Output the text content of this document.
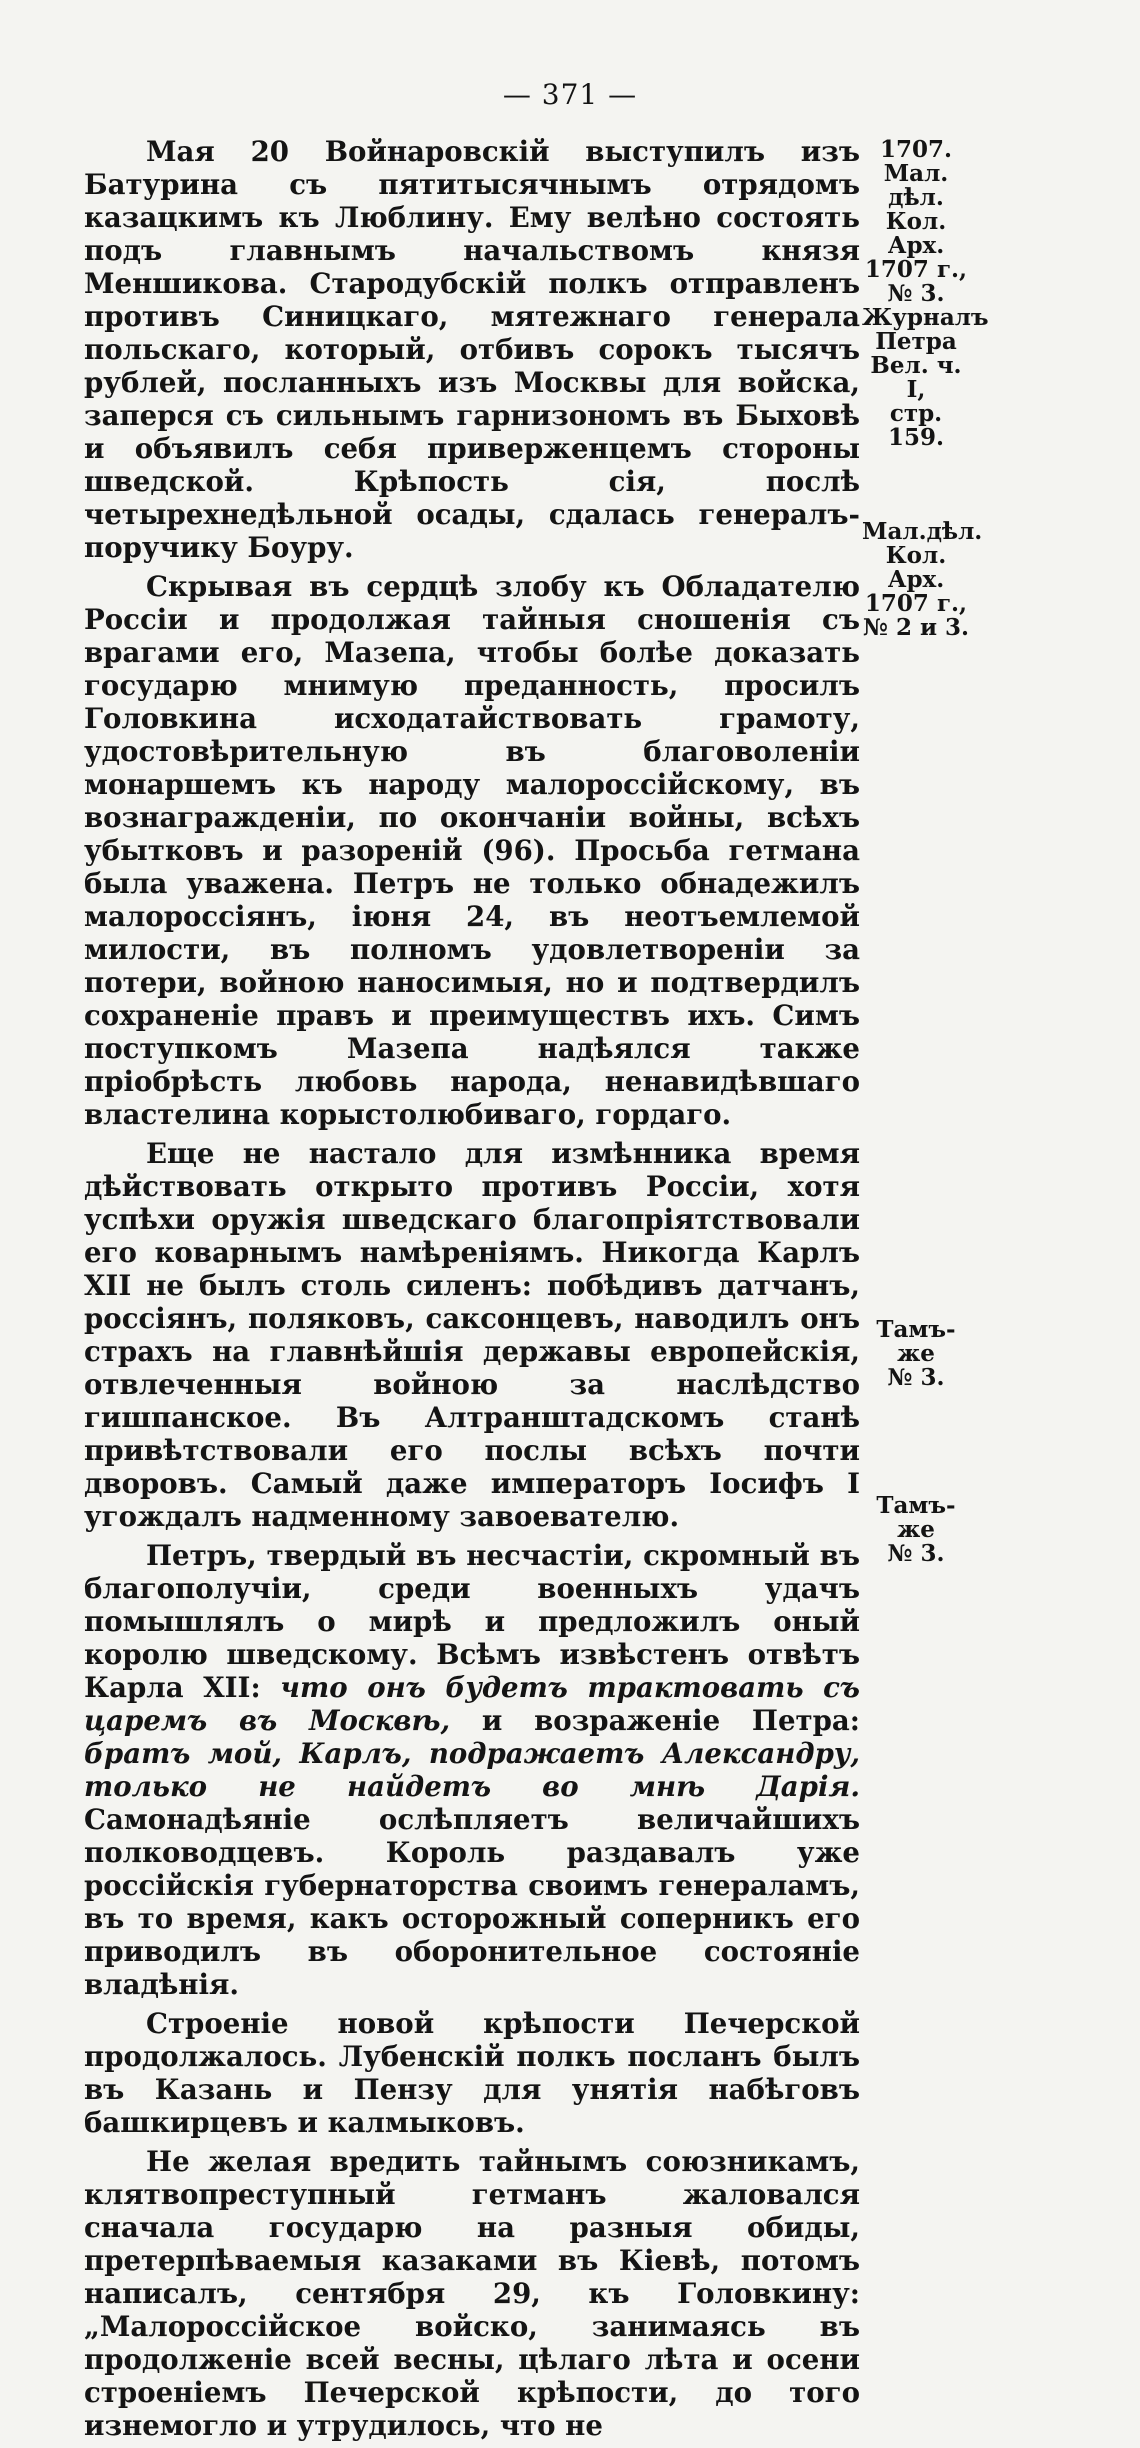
— 371 —

Мая 20 Войнаровскій выступилъ изъ Батурина съ пятитысячнымъ отрядомъ казацкимъ къ Люблину. Ему велѣно состоять подъ главнымъ начальствомъ князя Меншикова. Стародубскій полкъ отправленъ противъ Синицкаго, мятежнаго генерала польскаго, который, отбивъ сорокъ тысячъ рублей, посланныхъ изъ Москвы для войска, заперся съ сильнымъ гарнизономъ въ Быховѣ и объявилъ себя приверженцемъ стороны шведской. Крѣпость сія, послѣ четырехнедѣльной осады, сдалась генералъ-поручику Боуру.

Скрывая въ сердцѣ злобу къ Обладателю Россіи и продолжая тайныя сношенія съ врагами его, Мазепа, чтобы болѣе доказать государю мнимую преданность, просилъ Головкина исходатайствовать грамоту, удостовѣрительную въ благоволеніи монаршемъ къ народу малороссійскому, въ вознагражденіи, по окончаніи войны, всѣхъ убытковъ и разореній (96). Просьба гетмана была уважена. Петръ не только обнадежилъ малороссіянъ, іюня 24, въ неотъемлемой милости, въ полномъ удовлетвореніи за потери, войною наносимыя, но и подтвердилъ сохраненіе правъ и преимуществъ ихъ. Симъ поступкомъ Мазепа надѣялся также пріобрѣсть любовь народа, ненавидѣвшаго властелина корыстолюбиваго, гордаго.

Еще не настало для измѣнника время дѣйствовать открыто противъ Россіи, хотя успѣхи оружія шведскаго благопріятствовали его коварнымъ намѣреніямъ. Никогда Карлъ XII не былъ столь силенъ: побѣдивъ датчанъ, россіянъ, поляковъ, саксонцевъ, наводилъ онъ страхъ на главнѣйшія державы европейскія, отвлеченныя войною за наслѣдство гишпанское. Въ Алтранштадскомъ станѣ привѣтствовали его послы всѣхъ почти дворовъ. Самый даже императоръ Іосифъ I угождалъ надменному завоевателю.

Петръ, твердый въ несчастіи, скромный въ благополучіи, среди военныхъ удачъ помышлялъ о мирѣ и предложилъ оный королю шведскому. Всѣмъ извѣстенъ отвѣтъ Карла XII: что онъ будетъ трактовать съ царемъ въ Москвѣ, и возраженіе Петра: братъ мой, Карлъ, подражаетъ Александру, только не найдетъ во мнѣ Дарія. Самонадѣяніе ослѣпляетъ величайшихъ полководцевъ. Король раздавалъ уже россійскія губернаторства своимъ генераламъ, въ то время, какъ осторожный соперникъ его приводилъ въ оборонительное состояніе владѣнія.

Строеніе новой крѣпости Печерской продолжалось. Лубенскій полкъ посланъ былъ въ Казань и Пензу для унятія набѣговъ башкирцевъ и калмыковъ.

Не желая вредить тайнымъ союзникамъ, клятвопреступный гетманъ жаловался сначала государю на разныя обиды, претерпѣваемыя казаками въ Кіевѣ, потомъ написалъ, сентября 29, къ Головкину: „Малороссійское войско, занимаясь въ продолженіе всей весны, цѣлаго лѣта и осени строеніемъ Печерской крѣпости, до того изнемогло и утрудилось, что не

1707.
Мал. дѣл.
Кол. Арх.
1707 г.,
№ 3.
Журналъ
Петра
Вел. ч. I,
стр. 159.
Мал.дѣл.
Кол. Арх.
1707 г.,
№ 2 и 3.
Тамъ-же
№ 3.
Тамъ-же
№ 3.
